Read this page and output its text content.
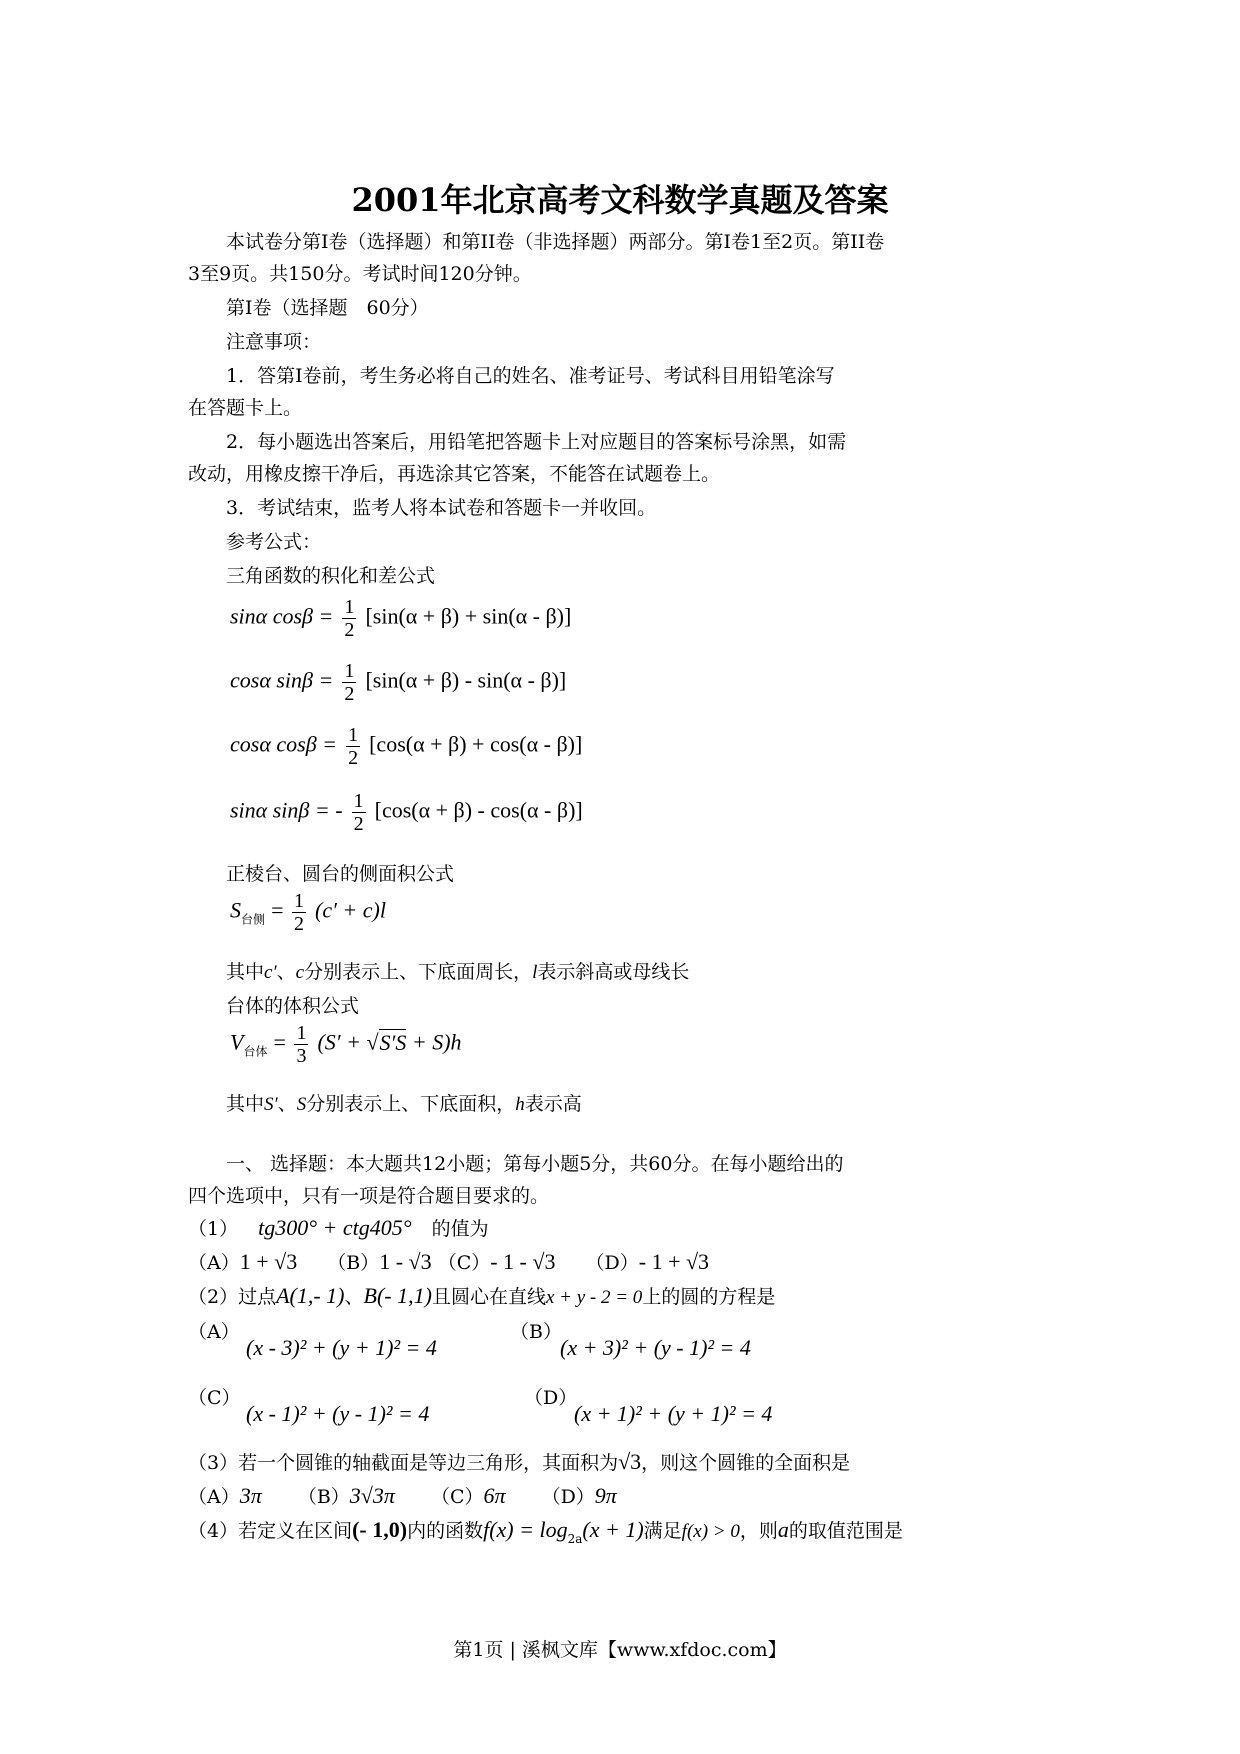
2001年北京高考文科数学真题及答案
本试卷分第Ⅰ卷（选择题）和第II卷（非选择题）两部分。第Ⅰ卷1至2页。第II卷
3至9页。共150分。考试时间120分钟。
第Ⅰ卷（选择题　60分）
注意事项：
1．答第Ⅰ卷前，考生务必将自己的姓名、准考证号、考试科目用铅笔涂写
在答题卡上。
2．每小题选出答案后，用铅笔把答题卡上对应题目的答案标号涂黑，如需
改动，用橡皮擦干净后，再选涂其它答案，不能答在试题卷上。
3．考试结束，监考人将本试卷和答题卡一并收回。
参考公式：
三角函数的积化和差公式
sinα $\cos\beta = \frac{1}{2} [\sin(\alpha + \beta) + \sin(\alpha - \beta)]$
cosα $\sin\beta = \frac{1}{2} [\sin(\alpha + \beta) - \sin(\alpha - \beta)]$
cosα $\cos\beta = \frac{1}{2} [\cos(\alpha + \beta) + \cos(\alpha - \beta)]$
sinα sinβ = - $\frac{1}{2} [\cos(\alpha + \beta) - \cos(\alpha - \beta)]$
正棱台、圆台的侧面积公式
$S_{台侧} = \frac{1}{2} (c' + c)l$
其中c′、c分别表示上、下底面周长，l表示斜高或母线长
台体的体积公式
$V_{台体} = \frac{1}{3} (S' + √S'S + S)h$
其中S′、S分别表示上、下底面积，h表示高
一、 选择题：本大题共12小题；第每小题5分，共60分。在每小题给出的
四个选项中，只有一项是符合题目要求的。
（1） tg300° + ctg405° 的值为
（A）1 + √3 （B）1 - √3 （C）- 1 - √3 （D）- 1 + √3
（2）过点A(1,- 1)、B(- 1,1)且圆心在直线x + y - 2 = 0上的圆的方程是
（A）
(x - 3)² + (y + 1)² = 4
（B）
(x + 3)² + (y - 1)² = 4
（C）
(x - 1)² + (y - 1)² = 4
（D）
(x + 1)² + (y + 1)² = 4
（3）若一个圆锥的轴截面是等边三角形，其面积为√3，则这个圆锥的全面积是
（A）3π （B）3√3π （C）6π （D）9π
（4）若定义在区间(- 1,0)内的函数$f(x) = \log_{2a}(x + 1)$满足f(x) > 0，则a的取值范围是
第1页 | 溪枫文库【www.xfdoc.com】
